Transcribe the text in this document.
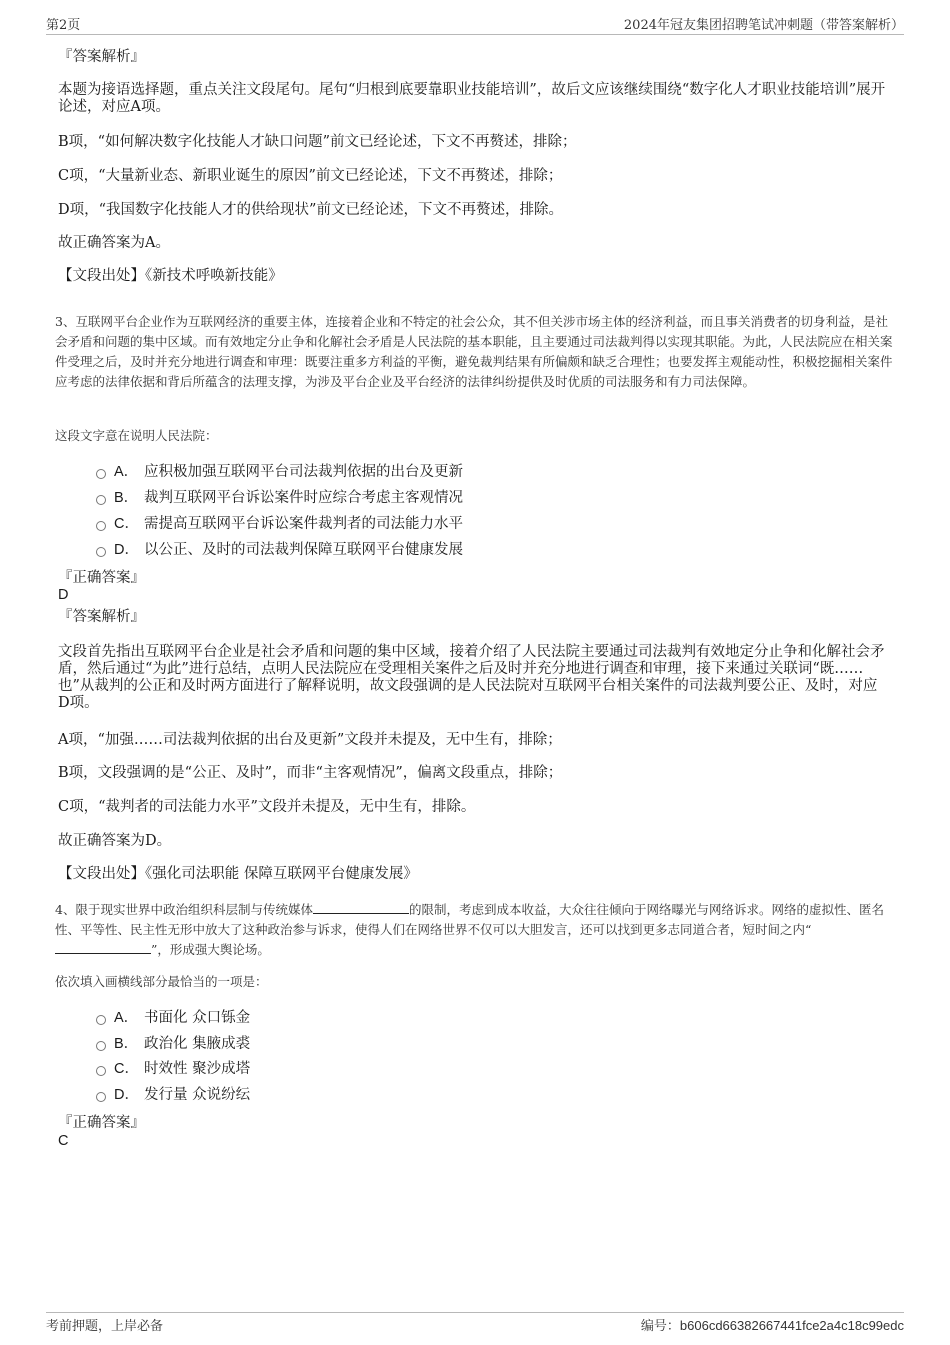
第2页	2024年冠友集团招聘笔试冲刺题（带答案解析）
『答案解析』
本题为接语选择题，重点关注文段尾句。尾句“归根到底要靠职业技能培训”，故后文应该继续围绕“数字化人才职业技能培训”展开论述，对应A项。
B项，“如何解决数字化技能人才缺口问题”前文已经论述，下文不再赘述，排除；
C项，“大量新业态、新职业诞生的原因”前文已经论述，下文不再赘述，排除；
D项，“我国数字化技能人才的供给现状”前文已经论述，下文不再赘述，排除。
故正确答案为A。
【文段出处】《新技术呼唤新技能》
3、互联网平台企业作为互联网经济的重要主体，连接着企业和不特定的社会公众，其不但关涉市场主体的经济利益，而且事关消费者的切身利益，是社会矛盾和问题的集中区域。而有效地定分止争和化解社会矛盾是人民法院的基本职能，且主要通过司法裁判得以实现其职能。为此，人民法院应在相关案件受理之后，及时并充分地进行调查和审理：既要注重多方利益的平衡，避免裁判结果有所偏颇和缺乏合理性；也要发挥主观能动性，积极挖掘相关案件应考虑的法律依据和背后所蕴含的法理支撑，为涉及平台企业及平台经济的法律纠纷提供及时优质的司法服务和有力司法保障。
这段文字意在说明人民法院：
A． 应积极加强互联网平台司法裁判依据的出台及更新
B． 裁判互联网平台诉讼案件时应综合考虑主客观情况
C． 需提高互联网平台诉讼案件裁判者的司法能力水平
D． 以公正、及时的司法裁判保障互联网平台健康发展
『正确答案』
D
『答案解析』
文段首先指出互联网平台企业是社会矛盾和问题的集中区域，接着介绍了人民法院主要通过司法裁判有效地定分止争和化解社会矛盾，然后通过“为此”进行总结，点明人民法院应在受理相关案件之后及时并充分地进行调查和审理，接下来通过关联词“既……也”从裁判的公正和及时两方面进行了解释说明，故文段强调的是人民法院对互联网平台相关案件的司法裁判要公正、及时，对应D项。
A项，“加强……司法裁判依据的出台及更新”文段并未提及，无中生有，排除；
B项，文段强调的是“公正、及时”，而非“主客观情况”，偏离文段重点，排除；
C项，“裁判者的司法能力水平”文段并未提及，无中生有，排除。
故正确答案为D。
【文段出处】《强化司法职能 保障互联网平台健康发展》
4、限于现实世界中政治组织科层制与传统媒体	的限制，考虑到成本收益，大众往往倾向于网络曝光与网络诉求。网络的虚拟性、匿名性、平等性、民主性无形中放大了这种政治参与诉求，使得人们在网络世界不仅可以大胆发言，还可以找到更多志同道合者，短时间之内“”，形成强大舆论场。
依次填入画横线部分最恰当的一项是：
A． 书面化 众口铄金
B． 政治化 集腋成裘
C． 时效性 聚沙成塔
D． 发行量 众说纷纭
『正确答案』
C
考前押题，上岸必备	编号：b606cd66382667441fce2a4c18c99edc
